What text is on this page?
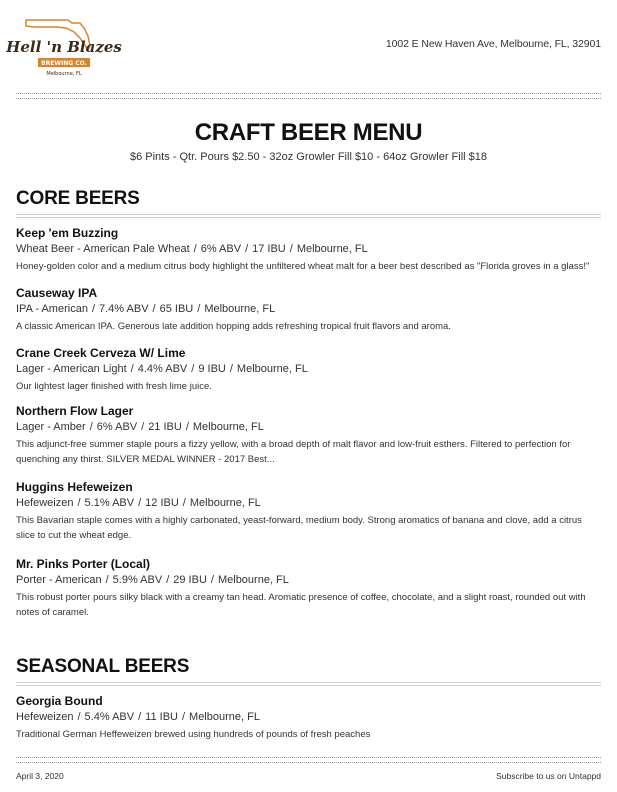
Hell 'n Blazes
BREWING CO.
Melbourne, FL
1002 E New Haven Ave, Melbourne, FL, 32901
CRAFT BEER MENU
$6 Pints - Qtr. Pours $2.50 - 32oz Growler Fill $10 - 64oz Growler Fill $18
CORE BEERS
Keep 'em Buzzing
Wheat Beer - American Pale Wheat / 6% ABV / 17 IBU / Melbourne, FL
Honey-golden color and a medium citrus body highlight the unfiltered wheat malt for a beer best described as "Florida groves in a glass!"
Causeway IPA
IPA - American / 7.4% ABV / 65 IBU / Melbourne, FL
A classic American IPA. Generous late addition hopping adds refreshing tropical fruit flavors and aroma.
Crane Creek Cerveza W/ Lime
Lager - American Light / 4.4% ABV / 9 IBU / Melbourne, FL
Our lightest lager finished with fresh lime juice.
Northern Flow Lager
Lager - Amber / 6% ABV / 21 IBU / Melbourne, FL
This adjunct-free summer staple pours a fizzy yellow, with a broad depth of malt flavor and low-fruit esthers. Filtered to perfection for quenching any thirst. SILVER MEDAL WINNER - 2017 Best...
Huggins Hefeweizen
Hefeweizen / 5.1% ABV / 12 IBU / Melbourne, FL
This Bavarian staple comes with a highly carbonated, yeast-forward, medium body. Strong aromatics of banana and clove, add a citrus slice to cut the wheat edge.
Mr. Pinks Porter (Local)
Porter - American / 5.9% ABV / 29 IBU / Melbourne, FL
This robust porter pours silky black with a creamy tan head. Aromatic presence of coffee, chocolate, and a slight roast, rounded out with notes of caramel.
SEASONAL BEERS
Georgia Bound
Hefeweizen / 5.4% ABV / 11 IBU / Melbourne, FL
Traditional German Heffeweizen brewed using hundreds of pounds of fresh peaches
April 3, 2020	Subscribe to us on Untappd
